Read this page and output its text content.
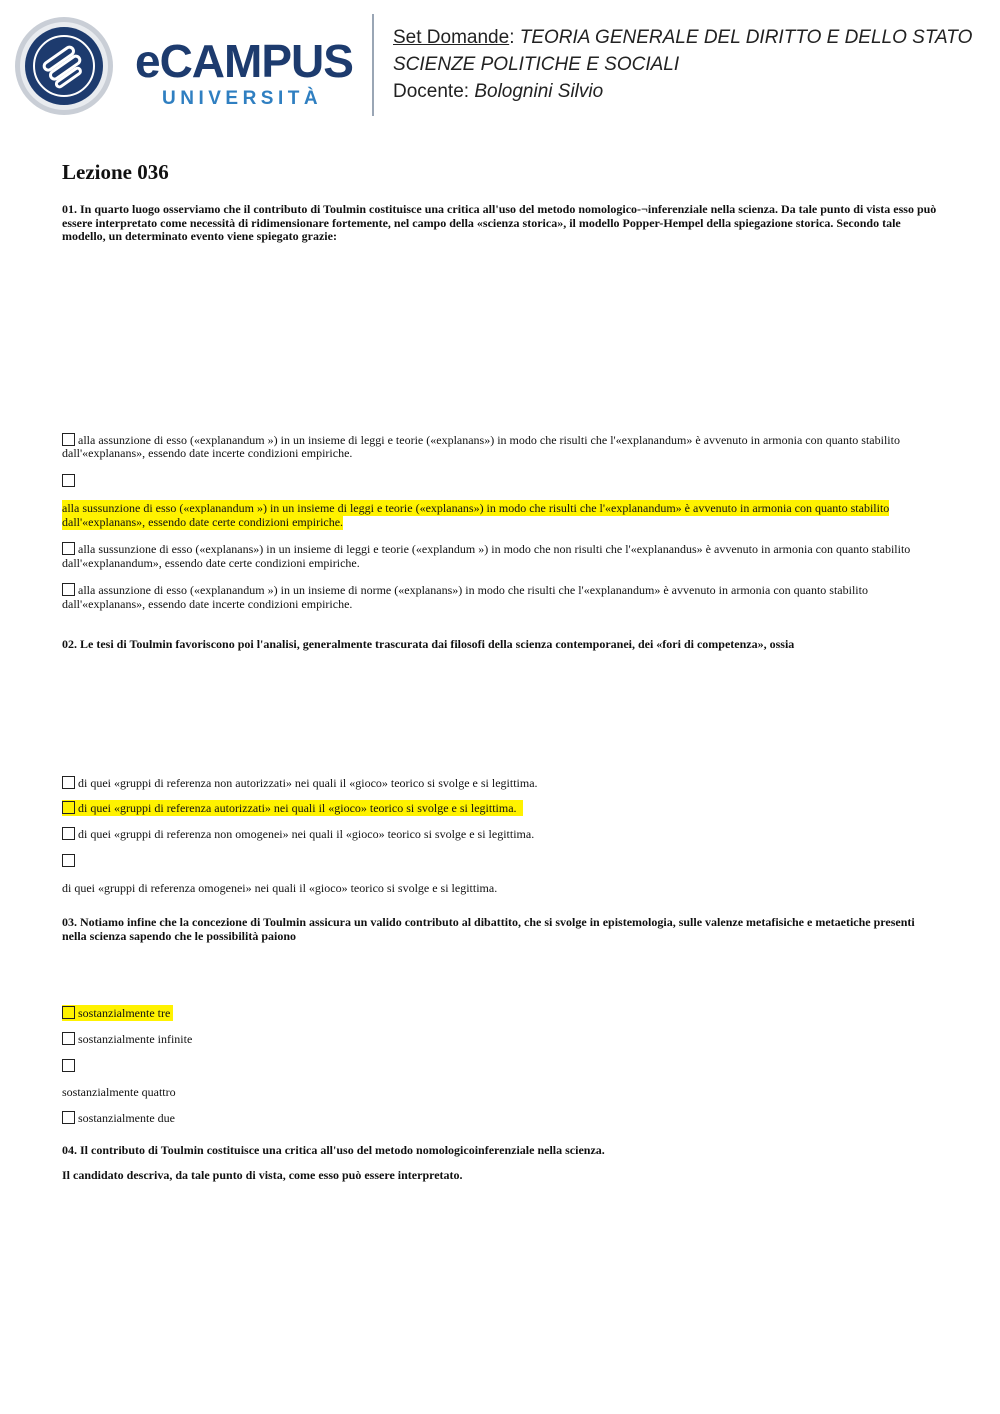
eCAMPUS
UNIVERSITÀ
Set Domande: TEORIA GENERALE DEL DIRITTO E DELLO STATO
SCIENZE POLITICHE E SOCIALI
Docente: Bolognini Silvio
Lezione 036

01. In quarto luogo osserviamo che il contributo di Toulmin costituisce una critica all'uso del metodo nomologico-¬inferenziale nella scienza. Da tale punto di vista esso può essere interpretato come necessità di ridimensionare fortemente, nel campo della «scienza storica», il modello Popper-Hempel della spiegazione storica. Secondo tale modello, un determinato evento viene spiegato grazie:

alla assunzione di esso («explanandum ») in un insieme di leggi e teorie («explanans») in modo che risulti che l'«explanandum» è avvenuto in armonia con quanto stabilito dall'«explanans», essendo date incerte condizioni empiriche.

alla sussunzione di esso («explanandum ») in un insieme di leggi e teorie («explanans») in modo che risulti che l'«explanandum» è avvenuto in armonia con quanto stabilito dall'«explanans», essendo date certe condizioni empiriche.

alla sussunzione di esso («explanans») in un insieme di leggi e teorie («explandum ») in modo che non risulti che l'«explanandus» è avvenuto in armonia con quanto stabilito dall'«explanandum», essendo date certe condizioni empiriche.

alla assunzione di esso («explanandum ») in un insieme di norme («explanans») in modo che risulti che l'«explanandum» è avvenuto in armonia con quanto stabilito dall'«explanans», essendo date incerte condizioni empiriche.

02. Le tesi di Toulmin favoriscono poi l'analisi, generalmente trascurata dai filosofi della scienza contemporanei, dei «fori di competenza», ossia

di quei «gruppi di referenza non autorizzati» nei quali il «gioco» teorico si svolge e si legittima.

di quei «gruppi di referenza autorizzati» nei quali il «gioco» teorico si svolge e si legittima.

di quei «gruppi di referenza non omogenei» nei quali il «gioco» teorico si svolge e si legittima.

di quei «gruppi di referenza omogenei» nei quali il «gioco» teorico si svolge e si legittima.

03. Notiamo infine che la concezione di Toulmin assicura un valido contributo al dibattito, che si svolge in epistemologia, sulle valenze metafisiche e metaetiche presenti nella scienza sapendo che le possibilità paiono

sostanzialmente tre

sostanzialmente infinite

sostanzialmente quattro

sostanzialmente due

04. Il contributo di Toulmin costituisce una critica all'uso del metodo nomologicoinferenziale nella scienza.

Il candidato descriva, da tale punto di vista, come esso può essere interpretato.
